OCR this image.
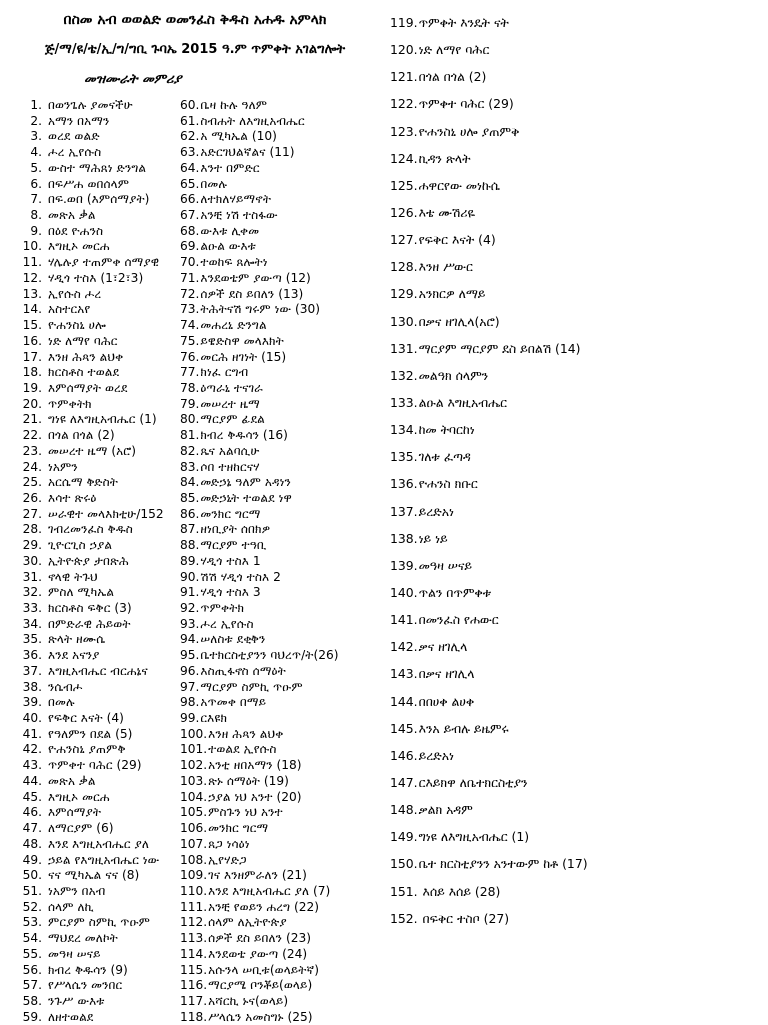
በስመ አብ ወወልድ ወመንፈስ ቅዱስ አሐዱ አምላክ
ጅ/ማ/ዩ/ቴ/ኢ/ግ/ግቢ ጉባኤ 2015 ዓ.ም ጥምቀት አገልግሎት
መዝሙራት መምሪያ
1. በወንጌሉ ያመናችሁ
2. አማን በአማን
3. ወረደ ወልድ
4. ሖረ ኢየሱስ
5. ውስተ ማሕጸነ ድንግል
6. በፍሥሐ ወበሰላም
7. በፍ.ወበ (እምሰማያት)
8. መጽአ ቃል
9. በዕደ ዮሐንስ
10. እግዚኦ መርሐ
11. ሃሌሉያ ተጠምቀ ሰማያዊ
12. ሃዲጎ ተስእ (1፣2፣3)
13. ኢየሱስ ሖረ
14. አስተርአየ
15. ዮሐንስኒ ሀሎ
16. ነድ ለማየ ባሕር
17. እንዘ ሕጻን ልህቀ
18. ክርስቶስ ተወልደ
19. እምሰማያት ወረደ
20. ጥምቀትክ
21. ግነዩ ለእግዚአብሔር (1)
22. በጎል በጎል (2)
23. መሠረተ ዜማ (አሮ)
24. ነአምን
25. አርሴማ ቅድስት
26. እሳተ ጽሩዕ
27. ሠራዊተ መላእክቲሁ/152
28. ገብረመንፈስ ቅዱስ
29. ጊዮርጊስ ኃያል
30. ኢትዮጵያ ታበጽሕ
31. ኖላዊ ትጉህ
32. ምስለ ሚካኤል
33. ክርስቶስ ፍቅር (3)
34. በምድራዊ ሕይወት
35. ጽላት ዘሙሴ
36. እንደ አናንያ
37. እግዚአብሔር ብርሐኔና
38. ንሴብሖ
39. በመሉ
40. የፍቅር እናት (4)
41. የዓለምን በደል (5)
42. ዮሐንስኒ ያጠምቅ
43. ጥምቀተ ባሕር (29)
44. መጽአ ቃል
45. እግዚኦ መርሐ
46. እምሰማያት
47. ለማርያም (6)
48. እንደ እግዚአብሔር ያለ
49. ኃይል የእግዚአብሔር ነው
50. ናና ሚካኤል ናና (8)
51. ነአምን በአብ
52. ሰላም ለኪ
53. ምርያም ስምኪ ጥዑም
54. ማህደረ መለኮት
55. መዓዛ ሠናይ
56. ክብረ ቅዱሳን (9)
57. የሥላሴን መንበር
58. ንጉሥ ውእቱ
59. ለዘተወልደ
60.ቤዛ ኩሉ ዓለም
61.ስብሐት ለእግዚአብሔር
62.አ ሚካኤል (10)
63.አድርገህልኛልና (11)
64.እንተ በምድር
65.በመሉ
66.ለተክለሃይማኖት
67.አንቺ ነሽ ተስፋው
68.ውእቱ ሊቀመ
69.ልዑል ውእቱ
70.ተወከፍ ጸሎትነ
71.እንደወቴም ያውጣ (12)
72.ሰዎች ደስ ይበለን (13)
73.ትሕትናሽ ግሩም ነው (30)
74.መሐረኒ ድንግል
75.ይዌድስዋ መላእክት
76.መርሕ ዘገነት (15)
77.ክነፈ ርግብ
78.ዕጣራኒ ተናገራ
79.መሠረተ ዜማ
80.ማርያም ፊደል
81.ክብረ ቅዱሳን (16)
82.ጼና አልባሲሁ
83.ሶበ ተዘከርናሃ
84.መድኃኔ ዓለም አዳነን
85.መድኃኒት ተወልደ ነዋ
86.መንክር ግርማ
87.ዘነቢያት ሰበክዎ
88.ማርያም ተዓቢ
89.ሃዲጎ ተስእ 1
90.ሽሽ ሃዲጎ ተስእ 2
91.ሃዲጎ ተስእ 3
92.ጥምቀትክ
93.ሖረ ኢየሱስ
94.ሠለስቱ ደቂቅን
95.ቤተክርስቲያንን ባህረጥ/ት(26)
96.እስጢፋኖስ ሰማዕት
97.ማርያም ስምኪ ጥዑም
98.አጥመቀ በማይ
99.ርእዩክ
100.እንዘ ሕጻን ልህቀ
101.ተወልደ ኢየሱስ
102.አንቲ ዘበአማን (18)
103.ጽኑ ሰማዕት (19)
104.ኃያል ነህ አንተ (20)
105.ምስጉን ነህ አንተ
106.መንክር ግርማ
107.ጸጋ ነሳዕነ
108.ኢየሃድጋ
109.ገና እንዘምራለን (21)
110.እንደ እግዚአብሔር ያለ (7)
111.አንቺ የወይን ሐረግ (22)
112.ሰላም ለኢትዮጵያ
113.ሰዎች ደስ ይበለን (23)
114.እንደወቴ ያውጣ (24)
115.አሱንላ ሠቢቱ(ወላይትኛ)
116.ማርያሜ ቦንቾይ(ወላይ)
117.አሻርኪ ኑና(ወላይ)
118.ሥላሴን አመስግኑ (25)
119.ጥምቀት እንዴት ናት
120.ነድ ለማየ ባሕር
121.በጎል በጎል (2)
122.ጥምቀተ ባሕር (29)
123.ዮሐንስኒ ሀሎ ያጠምቅ
124.ኪዳን ጽላት
125.ሐዋርየው መነኩሴ
126.እቴ ሙሽሪዬ
127.የፍቅር እናት (4)
128.እንዘ ሥውር
129.አንክርዎ ለማይ
130.በቃና ዘገሊላ(አሮ)
131.ማርያም ማርያም ደስ ይበልሽ (14)
132.መልዓክ ሰላምን
133.ልዑል እግዚአብሔር
134.ከመ ትባርከነ
135.ገለቱ ፈጣዳ
136.ዮሐንስ ክቡር
137.ይረድአነ
138.ነይ ነይ
139.መዓዛ ሠናይ
140.ጥልን በጥምቀቱ
141.በመንፈስ የሐውር
142.ቃና ዘገሊላ
143.በቃና ዘገሊላ
144.በበሀቀ ልሀቀ
145.እንአ ይብሉ ይዜምሩ
146.ይረድአነ
147.ርእይክዋ ለቤተክርስቲያን
148.ቃልክ አዳም
149.ግነዩ ለእግዚአብሔር (1)
150.ቤተ ክርስቲያንን አንተውም ከቶ (17)
151. እሰይ እሰይ (28)
152. በፍቅር ተስቦ (27)
